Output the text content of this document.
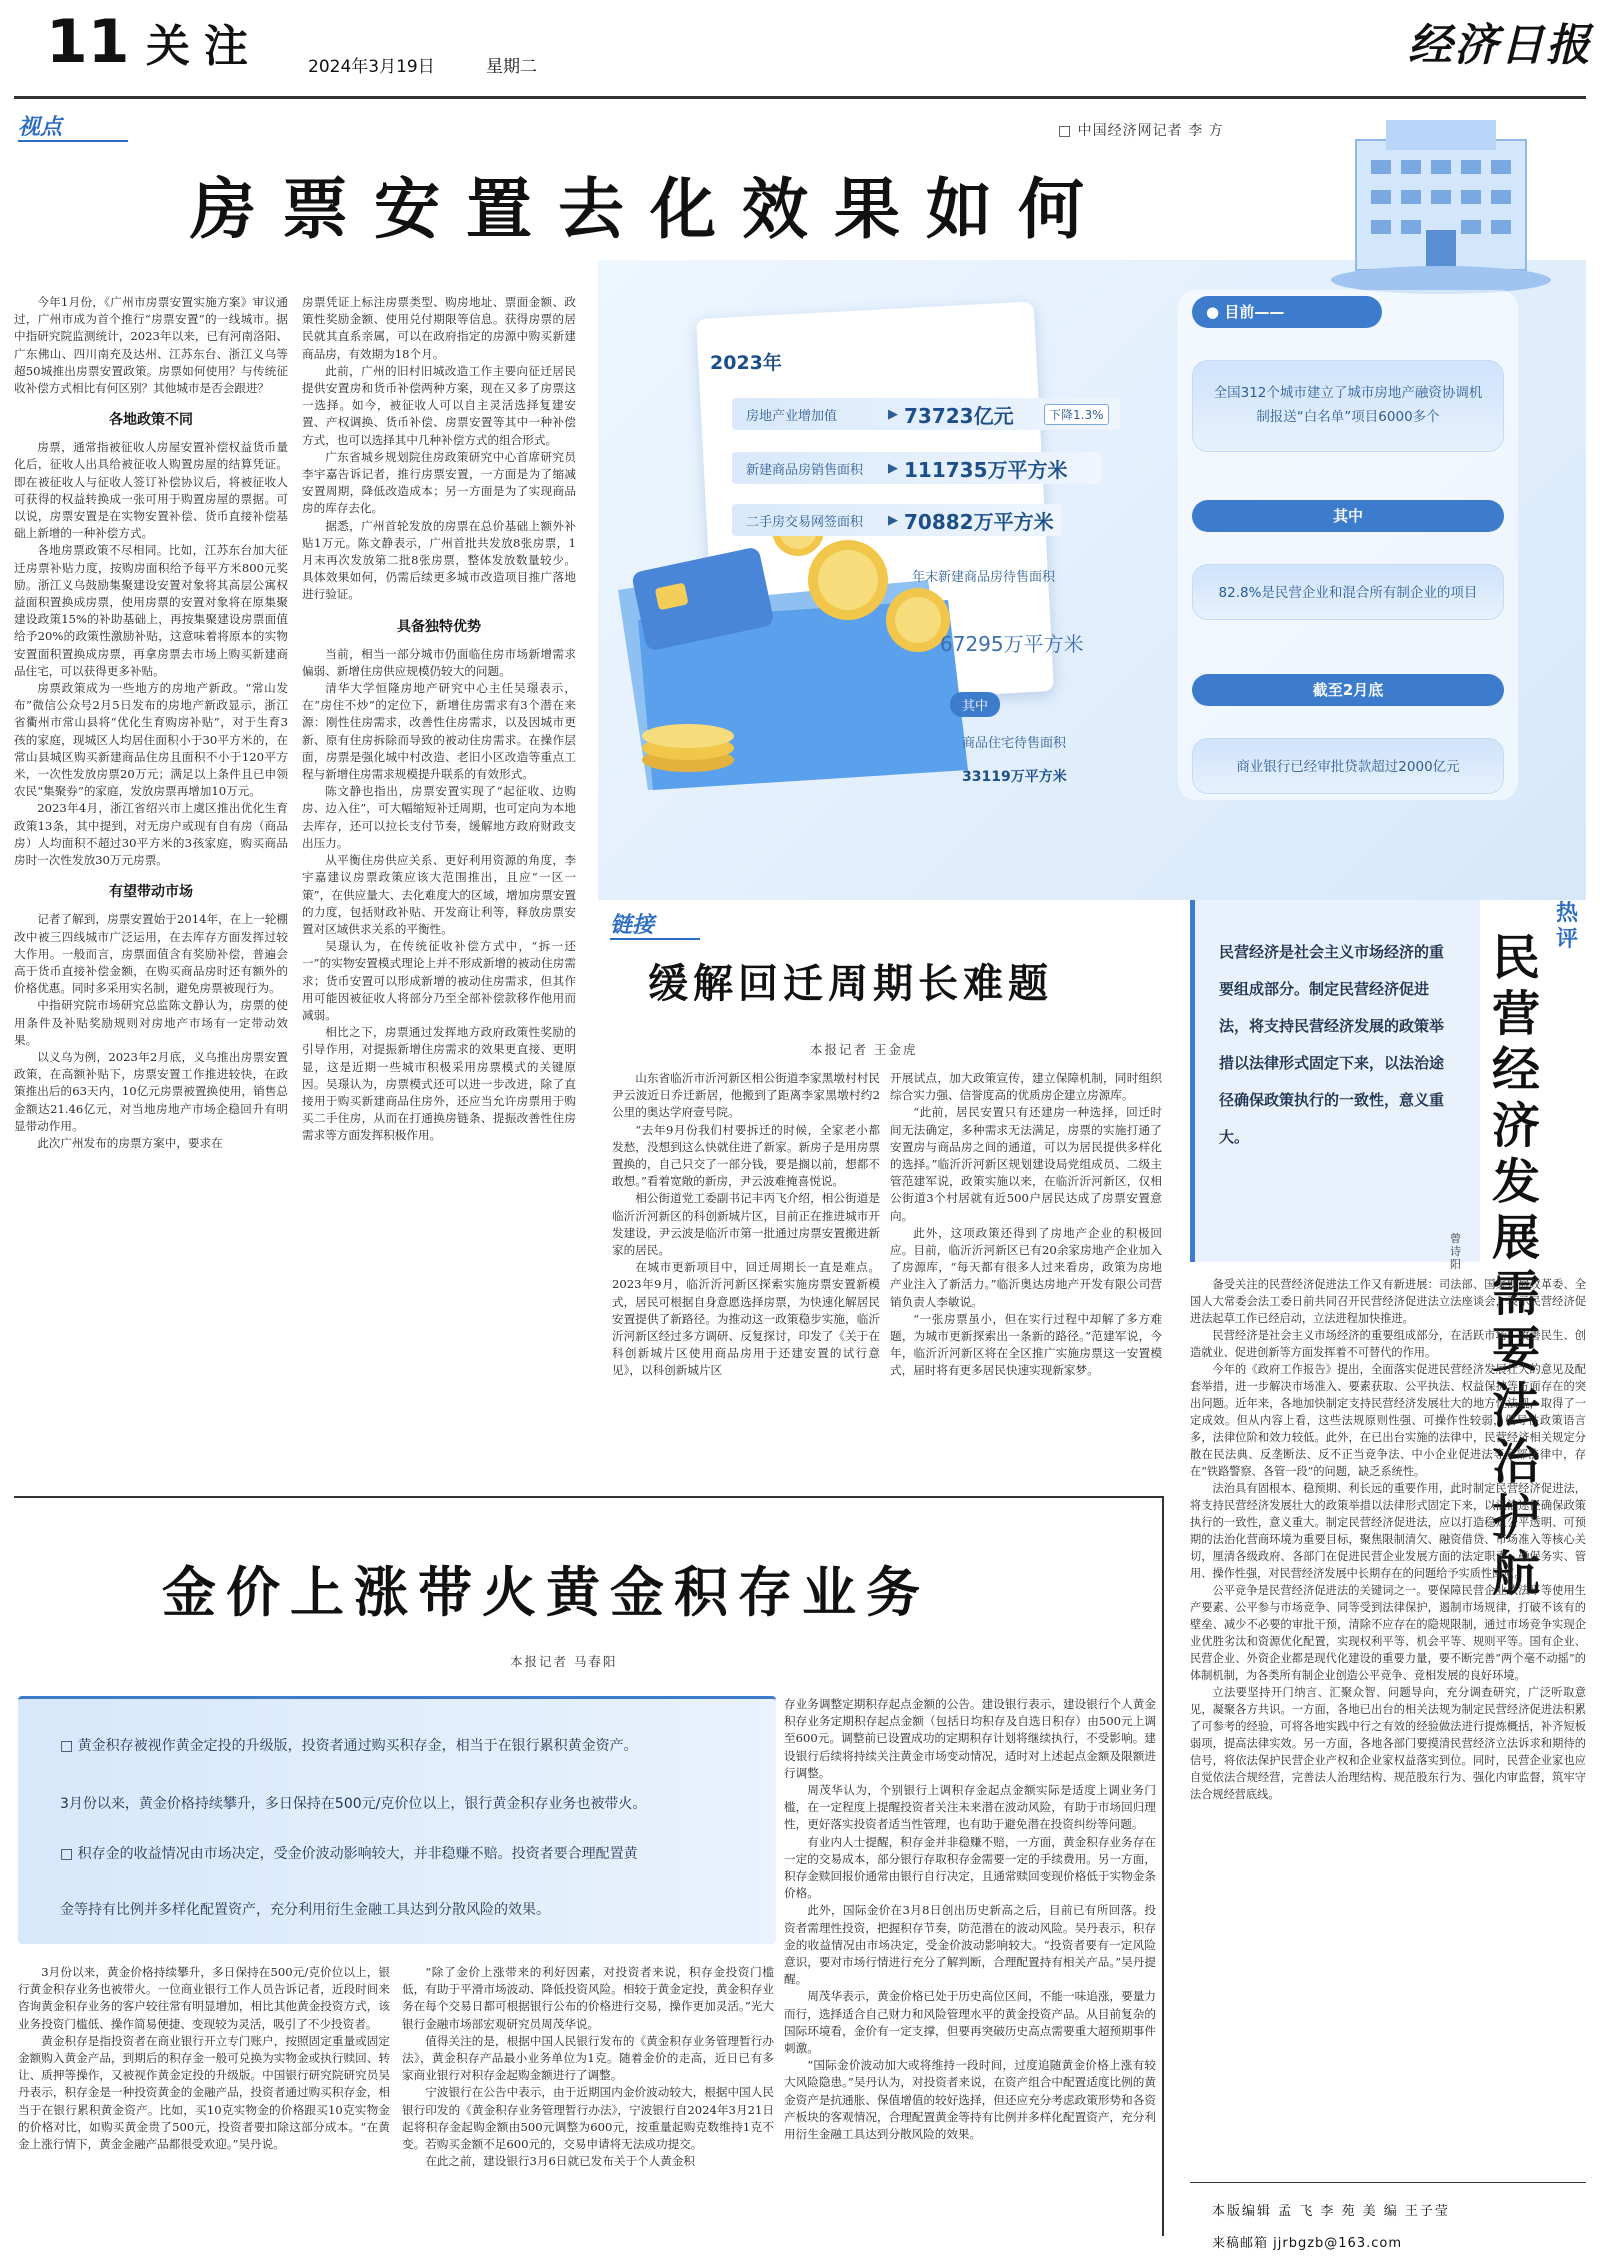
11 关注	2024年3月19日	星期二	经济日报
视点	□ 中国经济网记者 李 方
房票安置去化效果如何
2023年
房地产业增加值	▶ 73723亿元	下降1.3%
新建商品房销售面积 ▶ 111735万平方米
二手房交易网签面积 ▶ 70882万平方米
年末新建商品房待售面积
67295万平方米
其中
商品住宅待售面积
33119万平方米
● 目前——
全国312个城市建立了城市房地产融资协调机制报送“白名单”项目6000多个
其中
82.8%是民营企业和混合所有制企业的项目
截至2月底
商业银行已经审批贷款超过2000亿元

今年1月份，《广州市房票安置实施方案》审议通过，广州市成为首个推行“房票安置”的一线城市。据中指研究院监测统计，2023年以来，已有河南洛阳、广东佛山、四川南充及达州、江苏东台、浙江义乌等超50城推出房票安置政策。房票如何使用？与传统征收补偿方式相比有何区别？其他城市是否会跟进？

各地政策不同

房票，通常指被征收人房屋安置补偿权益货币量化后，征收人出具给被征收人购置房屋的结算凭证。即在被征收人与征收人签订补偿协议后，将被征收人可获得的权益转换成一张可用于购置房屋的票据。可以说，房票安置是在实物安置补偿、货币直接补偿基础上新增的一种补偿方式。

各地房票政策不尽相同。比如，江苏东台加大征迁房票补贴力度，按购房面积给予每平方米800元奖励。浙江义乌鼓励集聚建设安置对象将其高层公寓权益面积置换成房票，使用房票的安置对象将在原集聚建设政策15%的补助基础上，再按集聚建设房票面值给予20%的政策性激励补贴，这意味着将原本的实物安置面积置换成房票，再拿房票去市场上购买新建商品住宅，可以获得更多补贴。

房票政策成为一些地方的房地产新政。“常山发布”微信公众号2月5日发布的房地产新政显示，浙江省衢州市常山县将“优化生育购房补贴”，对于生育3孩的家庭，现城区人均居住面积小于30平方米的，在常山县城区购买新建商品住房且面积不小于120平方米，一次性发放房票20万元；满足以上条件且已申领农民“集聚券”的家庭，发放房票再增加10万元。

2023年4月，浙江省绍兴市上虞区推出优化生育政策13条，其中提到，对无房户或现有自有房（商品房）人均面积不超过30平方米的3孩家庭，购买商品房时一次性发放30万元房票。

有望带动市场

记者了解到，房票安置始于2014年，在上一轮棚改中被三四线城市广泛运用，在去库存方面发挥过较大作用。一般而言，房票面值含有奖励补偿，普遍会高于货币直接补偿金额，在购买商品房时还有额外的价格优惠。同时多采用实名制，避免房票被现行为。

中指研究院市场研究总监陈文静认为，房票的使用条件及补贴奖励规则对房地产市场有一定带动效果。

以义乌为例，2023年2月底，义乌推出房票安置政策，在高额补贴下，房票安置工作推进较快，在政策推出后的63天内，10亿元房票被置换使用，销售总金额达21.46亿元，对当地房地产市场企稳回升有明显带动作用。

此次广州发布的房票方案中，要求在

房票凭证上标注房票类型、购房地址、票面金额、政策性奖励金额、使用兑付期限等信息。获得房票的居民就其直系亲属，可以在政府指定的房源中购买新建商品房，有效期为18个月。

此前，广州的旧村旧城改造工作主要向征迁居民提供安置房和货币补偿两种方案，现在又多了房票这一选择。如今，被征收人可以自主灵活选择复建安置、产权调换、货币补偿、房票安置等其中一种补偿方式，也可以选择其中几种补偿方式的组合形式。

广东省城乡规划院住房政策研究中心首席研究员李宇嘉告诉记者，推行房票安置，一方面是为了缩减安置周期，降低改造成本；另一方面是为了实现商品房的库存去化。

据悉，广州首轮发放的房票在总价基础上额外补贴1万元。陈文静表示，广州首批共发放8张房票，1月末再次发放第二批8张房票，整体发放数量较少。具体效果如何，仍需后续更多城市改造项目推广落地进行验证。

具备独特优势

当前，相当一部分城市仍面临住房市场新增需求偏弱、新增住房供应规模仍较大的问题。

清华大学恒隆房地产研究中心主任吴璟表示，在“房住不炒”的定位下，新增住房需求有3个潜在来源：刚性住房需求，改善性住房需求，以及因城市更新、原有住房拆除而导致的被动住房需求。在操作层面，房票是强化城中村改造、老旧小区改造等重点工程与新增住房需求规模提升联系的有效形式。

陈文静也指出，房票安置实现了“起征收、边购房、边入住”，可大幅缩短补迁周期，也可定向为本地去库存，还可以拉长支付节奏，缓解地方政府财政支出压力。

从平衡住房供应关系、更好利用资源的角度，李宇嘉建议房票政策应该大范围推出，且应“一区一策”，在供应量大、去化难度大的区域，增加房票安置的力度，包括财政补贴、开发商让利等，释放房票安置对区域供求关系的平衡性。

吴璟认为，在传统征收补偿方式中，“拆一还一”的实物安置模式理论上并不形成新增的被动住房需求；货币安置可以形成新增的被动住房需求，但其作用可能因被征收人将部分乃至全部补偿款移作他用而减弱。

相比之下，房票通过发挥地方政府政策性奖励的引导作用，对提振新增住房需求的效果更直接、更明显，这是近期一些城市积极采用房票模式的关键原因。吴璟认为，房票模式还可以进一步改进，除了直接用于购买新建商品住房外，还应当允许房票用于购买二手住房，从而在打通换房链条、提振改善性住房需求等方面发挥积极作用。

链接
缓解回迁周期长难题
本报记者 王金虎

山东省临沂市沂河新区相公街道李家黑墩村村民尹云波近日乔迁新居，他搬到了距离李家黑墩村约2公里的奥达学府壹号院。

“去年9月份我们村要拆迁的时候，全家老小都发愁，没想到这么快就住进了新家。新房子是用房票置换的，自己只交了一部分钱，要是搁以前，想都不敢想。”看着宽敞的新房，尹云波难掩喜悦说。

相公街道党工委副书记丰丙飞介绍，相公街道是临沂沂河新区的科创新城片区，目前正在推进城市开发建设，尹云波是临沂市第一批通过房票安置搬进新家的居民。

在城市更新项目中，回迁周期长一直是难点。2023年9月，临沂沂河新区探索实施房票安置新模式，居民可根据自身意愿选择房票，为快速化解居民安置提供了新路径。为推动这一政策稳步实施，临沂沂河新区经过多方调研、反复探讨，印发了《关于在科创新城片区使用商品房用于还建安置的试行意见》，以科创新城片区

开展试点，加大政策宣传，建立保障机制，同时组织综合实力强、信誉度高的优质房企建立房源库。

“此前，居民安置只有还建房一种选择，回迁时间无法确定，多种需求无法满足，房票的实施打通了安置房与商品房之间的通道，可以为居民提供多样化的选择。”临沂沂河新区规划建设局党组成员、二级主管范建军说，政策实施以来，在临沂沂河新区，仅相公街道3个村居就有近500户居民达成了房票安置意向。

此外，这项政策还得到了房地产企业的积极回应。目前，临沂沂河新区已有20余家房地产企业加入了房源库，“每天都有很多人过来看房，政策为房地产业注入了新活力。”临沂奥达房地产开发有限公司营销负责人李敏说。

“一张房票虽小，但在实行过程中却解了多方难题，为城市更新探索出一条新的路径。”范建军说，今年，临沂沂河新区将在全区推广实施房票这一安置模式，届时将有更多居民快速实现新家梦。

热评
民营经济发展需要法治护航
民营经济是社会主义市场经济的重要组成部分。制定民营经济促进法，将支持民营经济发展的政策举措以法律形式固定下来，以法治途径确保政策执行的一致性，意义重大。
曾诗阳

备受关注的民营经济促进法工作又有新进展：司法部、国家发展改革委、全国人大常委会法工委日前共同召开民营经济促进法立法座谈会，表示民营经济促进法起草工作已经启动，立法进程加快推进。

民营经济是社会主义市场经济的重要组成部分，在活跃市场、改善民生、创造就业、促进创新等方面发挥着不可替代的作用。

今年的《政府工作报告》提出，全面落实促进民营经济发展壮大的意见及配套举措，进一步解决市场准入、要素获取、公平执法、权益保护等方面存在的突出问题。近年来，各地加快制定支持民营经济发展壮大的地方性法规，取得了一定成效。但从内容上看，这些法规原则性强、可操作性较弱，倡导性政策语言多，法律位阶和效力较低。此外，在已出台实施的法律中，民营经济相关规定分散在民法典、反垄断法、反不正当竞争法、中小企业促进法等多部法律中，存在“铁路警察、各管一段”的问题，缺乏系统性。

法治具有固根本、稳预期、利长远的重要作用，此时制定民营经济促进法，将支持民营经济发展壮大的政策举措以法律形式固定下来，以法治途径确保政策执行的一致性，意义重大。制定民营经济促进法，应以打造稳定公平透明、可预期的法治化营商环境为重要目标，聚焦限制清欠、融资借贷、市场准入等核心关切，厘清各级政府、各部门在促进民营企业发展方面的法定职责，确保务实、管用、操作性强，对民营经济发展中长期存在的问题给予实质性回应。

公平竞争是民营经济促进法的关键词之一。要保障民营企业依法平等使用生产要素、公平参与市场竞争、同等受到法律保护，遏制市场规律，打破不该有的壁垒、减少不必要的审批干预，清除不应存在的隐规限制，通过市场竞争实现企业优胜劣汰和资源优化配置，实现权利平等、机会平等、规则平等。国有企业、民营企业、外资企业都是现代化建设的重要力量，要不断完善“两个毫不动摇”的体制机制，为各类所有制企业创造公平竞争、竞相发展的良好环境。

立法要坚持开门纳言、汇聚众智、问题导向，充分调查研究，广泛听取意见，凝聚各方共识。一方面，各地已出台的相关法规为制定民营经济促进法积累了可参考的经验，可将各地实践中行之有效的经验做法进行提炼概括，补齐短板弱项，提高法律实效。另一方面，各地各部门要摸清民营经济立法诉求和期待的信号，将依法保护民营企业产权和企业家权益落实到位。同时，民营企业家也应自觉依法合规经营，完善法人治理结构、规范股东行为、强化内审监督，筑牢守法合规经营底线。

本版编辑 孟 飞 李 苑 美 编 王子莹
来稿邮箱 jjrbgzb@163.com
金价上涨带火黄金积存业务
本报记者 马春阳
□ 黄金积存被视作黄金定投的升级版，投资者通过购买积存金，相当于在银行累积黄金资产。
3月份以来，黄金价格持续攀升，多日保持在500元/克价位以上，银行黄金积存业务也被带火。
□ 积存金的收益情况由市场决定，受金价波动影响较大，并非稳赚不赔。投资者要合理配置黄
金等持有比例并多样化配置资产，充分利用衍生金融工具达到分散风险的效果。

3月份以来，黄金价格持续攀升，多日保持在500元/克价位以上，银行黄金积存业务也被带火。一位商业银行工作人员告诉记者，近段时间来咨询黄金积存业务的客户较往常有明显增加，相比其他黄金投资方式，该业务投资门槛低、操作简易便捷、变现较为灵活，吸引了不少投资者。

黄金积存是指投资者在商业银行开立专门账户，按照固定重量或固定金额购入黄金产品，到期后的积存金一般可兑换为实物金或执行赎回、转让、质押等操作，又被视作黄金定投的升级版。中国银行研究院研究员吴丹表示，积存金是一种投资黄金的金融产品，投资者通过购买积存金，相当于在银行累积黄金资产。比如，买10克实物金的价格跟买10克实物金的价格对比，如购买黄金贵了500元，投资者要扣除这部分成本。“在黄金上涨行情下，黄金金融产品都很受欢迎。”吴丹说。

“除了金价上涨带来的利好因素，对投资者来说，积存金投资门槛低，有助于平滑市场波动、降低投资风险。相较于黄金定投，黄金积存业务在每个交易日都可根据银行公布的价格进行交易，操作更加灵活。”光大银行金融市场部宏观研究员周茂华说。

值得关注的是，根据中国人民银行发布的《黄金积存业务管理暂行办法》，黄金积存产品最小业务单位为1克。随着金价的走高，近日已有多家商业银行对积存金起购金额进行了调整。

宁波银行在公告中表示，由于近期国内金价波动较大，根据中国人民银行印发的《黄金积存业务管理暂行办法》，宁波银行自2024年3月21日起将积存金起购金额由500元调整为600元，按重量起购克数维持1克不变。若购买金额不足600元的，交易申请将无法成功提交。

在此之前，建设银行3月6日就已发布关于个人黄金积

存业务调整定期积存起点金额的公告。建设银行表示，建设银行个人黄金积存业务定期积存起点金额（包括日均积存及自选日积存）由500元上调至600元。调整前已设置成功的定期积存计划将继续执行，不受影响。建设银行后续将持续关注黄金市场变动情况，适时对上述起点金额及限额进行调整。

周茂华认为，个别银行上调积存金起点金额实际是适度上调业务门槛，在一定程度上提醒投资者关注未来潜在波动风险，有助于市场回归理性，更好落实投资者适当性管理，也有助于避免潜在投资纠纷等问题。

有业内人士提醒，积存金并非稳赚不赔，一方面，黄金积存业务存在一定的交易成本，部分银行存取积存金需要一定的手续费用。另一方面，积存金赎回报价通常由银行自行决定，且通常赎回变现价格低于实物金条价格。

此外，国际金价在3月8日创出历史新高之后，目前已有所回落。投资者需理性投资，把握积存节奏，防范潜在的波动风险。吴丹表示，积存金的收益情况由市场决定，受金价波动影响较大。“投资者要有一定风险意识，要对市场行情进行充分了解判断，合理配置持有相关产品。”吴丹提醒。

周茂华表示，黄金价格已处于历史高位区间，不能一味追涨，要量力而行，选择适合自己财力和风险管理水平的黄金投资产品。从目前复杂的国际环境看，金价有一定支撑，但要再突破历史高点需要重大超预期事件刺激。

“国际金价波动加大或将维持一段时间，过度追随黄金价格上涨有较大风险隐患。”吴丹认为，对投资者来说，在资产组合中配置适度比例的黄金资产是抗通胀、保值增值的较好选择，但还应充分考虑政策形势和各资产板块的客观情况，合理配置黄金等持有比例并多样化配置资产，充分利用衍生金融工具达到分散风险的效果。
